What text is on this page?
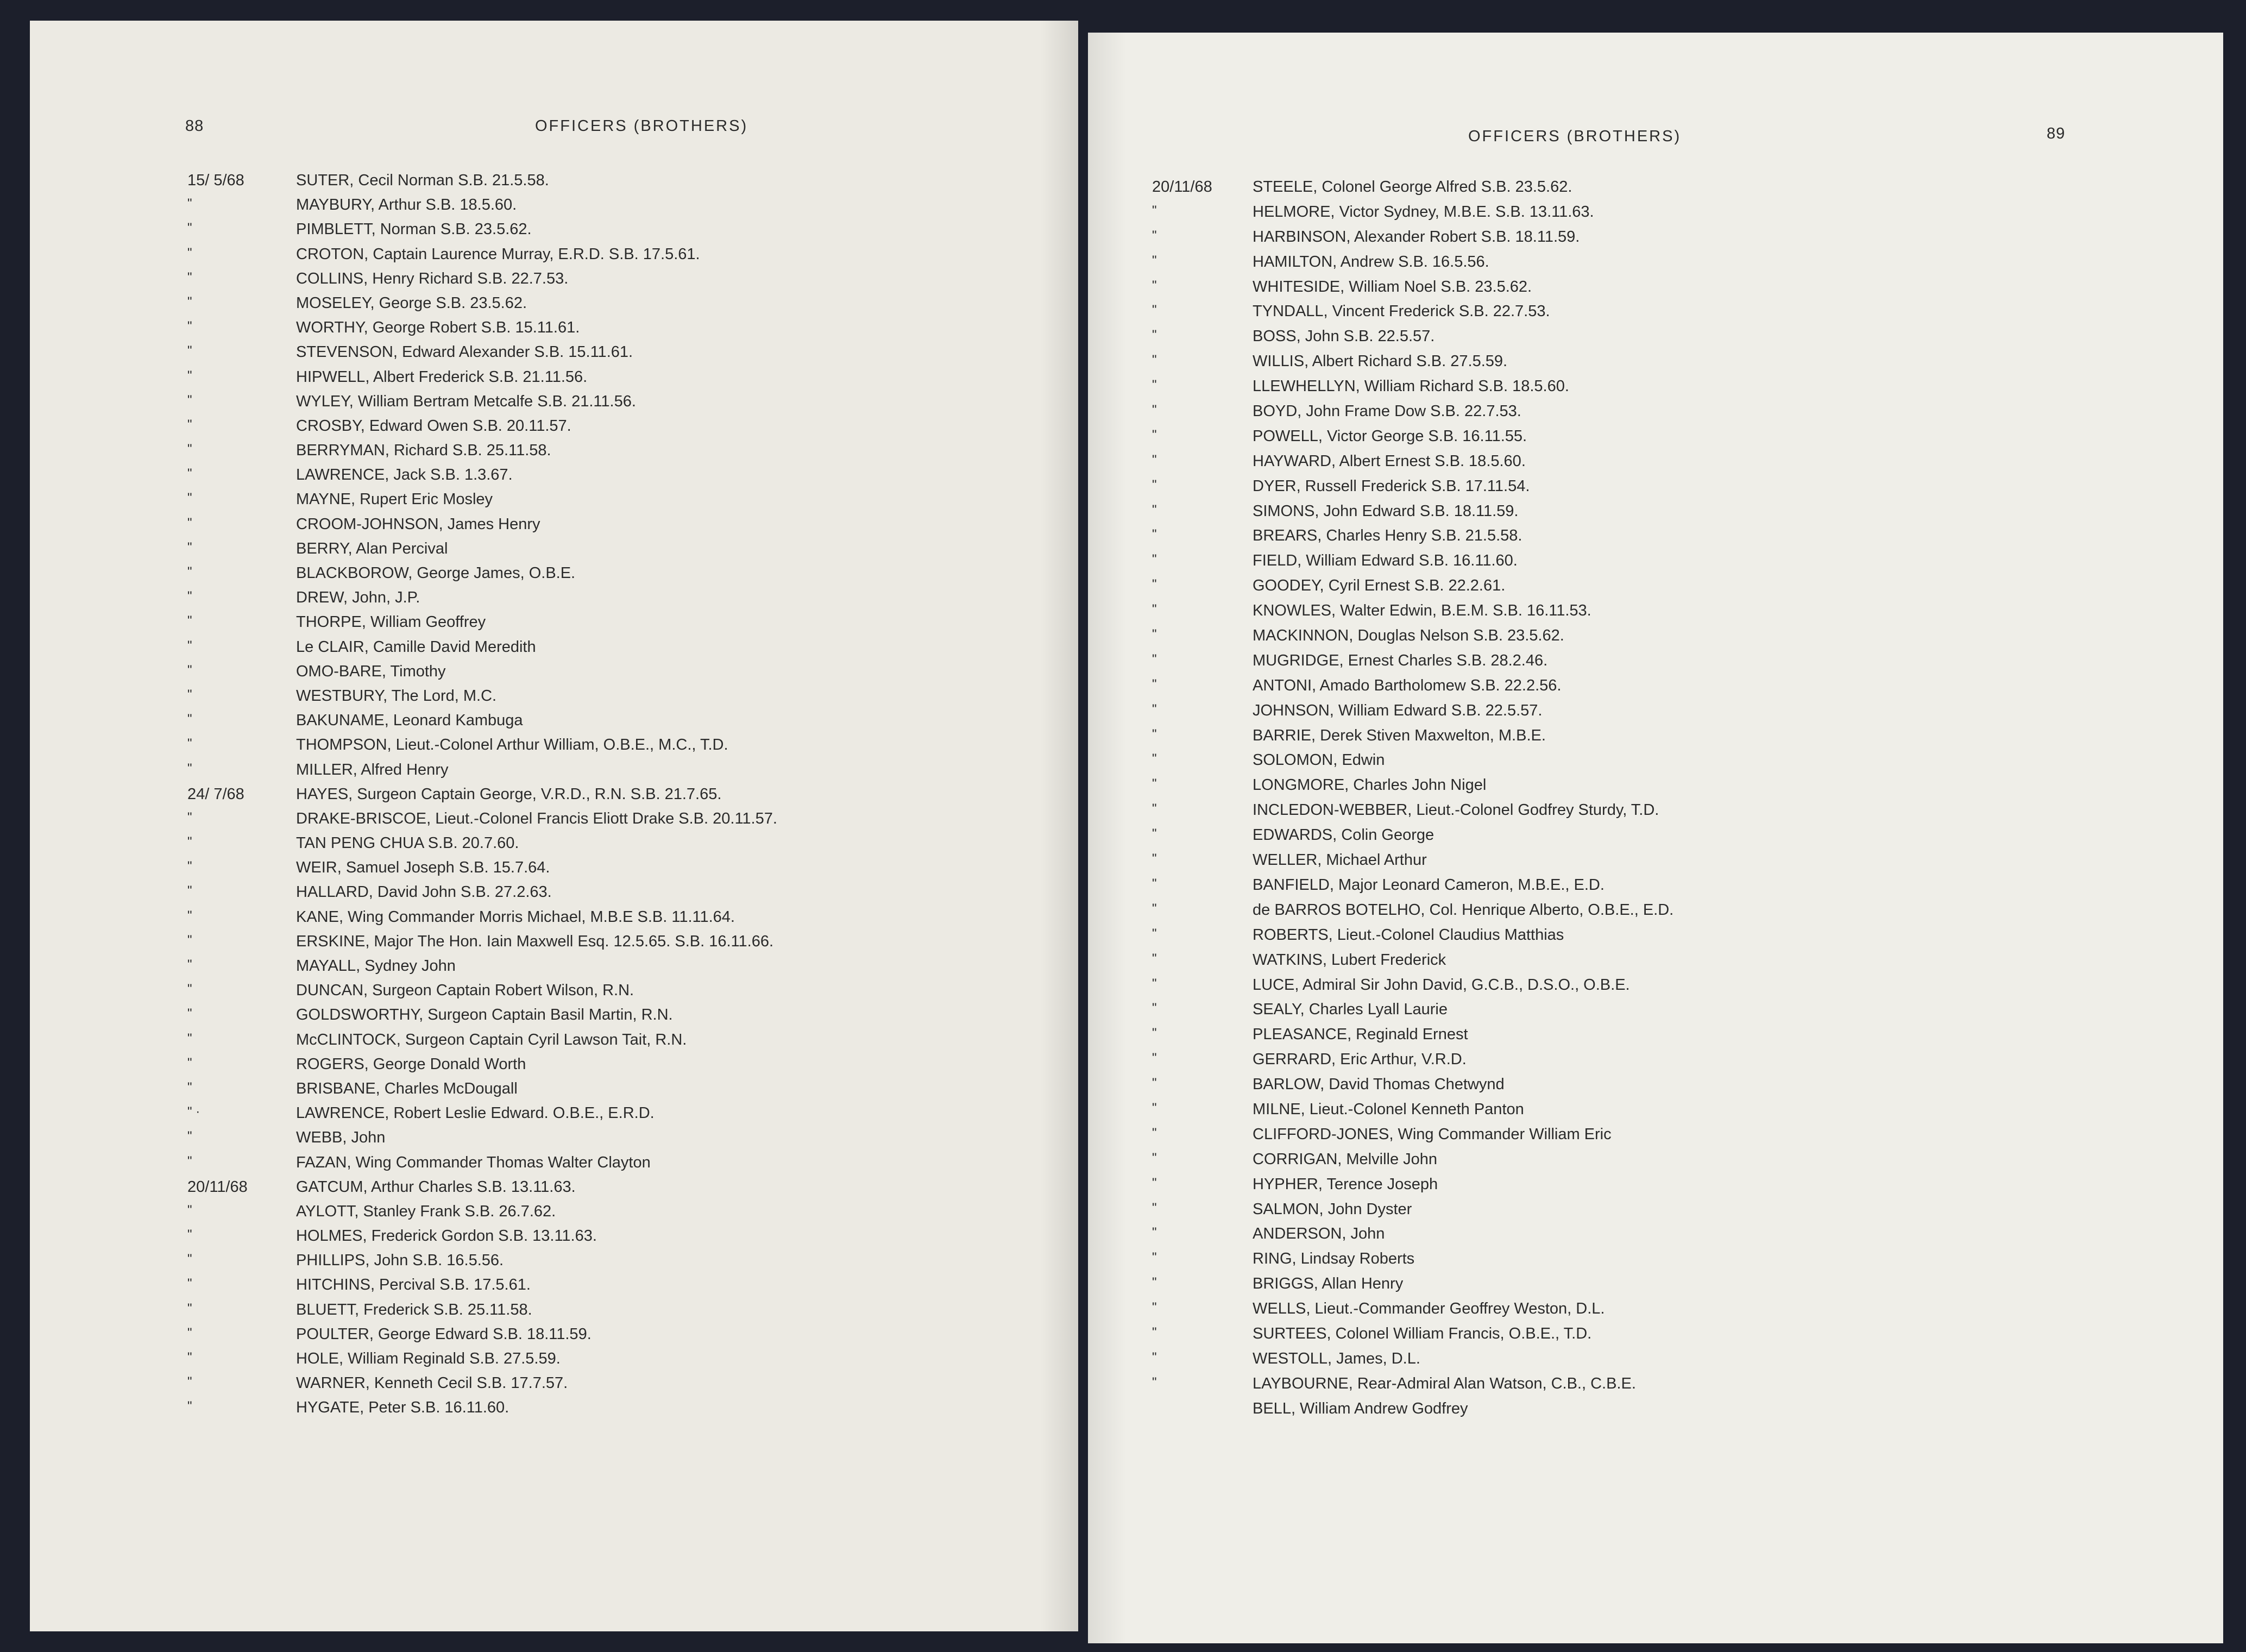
88	OFFICERS (BROTHERS)
15/ 5/68	SUTER, Cecil Norman S.B. 21.5.58.
"	MAYBURY, Arthur S.B. 18.5.60.
"	PIMBLETT, Norman S.B. 23.5.62.
"	CROTON, Captain Laurence Murray, E.R.D. S.B. 17.5.61.
"	COLLINS, Henry Richard S.B. 22.7.53.
"	MOSELEY, George S.B. 23.5.62.
"	WORTHY, George Robert S.B. 15.11.61.
"	STEVENSON, Edward Alexander S.B. 15.11.61.
"	HIPWELL, Albert Frederick S.B. 21.11.56.
"	WYLEY, William Bertram Metcalfe S.B. 21.11.56.
"	CROSBY, Edward Owen S.B. 20.11.57.
"	BERRYMAN, Richard S.B. 25.11.58.
"	LAWRENCE, Jack S.B. 1.3.67.
"	MAYNE, Rupert Eric Mosley
"	CROOM-JOHNSON, James Henry
"	BERRY, Alan Percival
"	BLACKBOROW, George James, O.B.E.
"	DREW, John, J.P.
"	THORPE, William Geoffrey
"	Le CLAIR, Camille David Meredith
"	OMO-BARE, Timothy
"	WESTBURY, The Lord, M.C.
"	BAKUNAME, Leonard Kambuga
"	THOMPSON, Lieut.-Colonel Arthur William, O.B.E., M.C., T.D.
"	MILLER, Alfred Henry
24/ 7/68	HAYES, Surgeon Captain George, V.R.D., R.N. S.B. 21.7.65.
"	DRAKE-BRISCOE, Lieut.-Colonel Francis Eliott Drake S.B. 20.11.57.
"	TAN PENG CHUA S.B. 20.7.60.
"	WEIR, Samuel Joseph S.B. 15.7.64.
"	HALLARD, David John S.B. 27.2.63.
"	KANE, Wing Commander Morris Michael, M.B.E S.B. 11.11.64.
"	ERSKINE, Major The Hon. Iain Maxwell Esq. 12.5.65. S.B. 16.11.66.
"	MAYALL, Sydney John
"	DUNCAN, Surgeon Captain Robert Wilson, R.N.
"	GOLDSWORTHY, Surgeon Captain Basil Martin, R.N.
"	McCLINTOCK, Surgeon Captain Cyril Lawson Tait, R.N.
"	ROGERS, George Donald Worth
"	BRISBANE, Charles McDougall
" ·	LAWRENCE, Robert Leslie Edward. O.B.E., E.R.D.
"	WEBB, John
"	FAZAN, Wing Commander Thomas Walter Clayton
20/11/68	GATCUM, Arthur Charles S.B. 13.11.63.
"	AYLOTT, Stanley Frank S.B. 26.7.62.
"	HOLMES, Frederick Gordon S.B. 13.11.63.
"	PHILLIPS, John S.B. 16.5.56.
"	HITCHINS, Percival S.B. 17.5.61.
"	BLUETT, Frederick S.B. 25.11.58.
"	POULTER, George Edward S.B. 18.11.59.
"	HOLE, William Reginald S.B. 27.5.59.
"	WARNER, Kenneth Cecil S.B. 17.7.57.
"	HYGATE, Peter S.B. 16.11.60.
OFFICERS (BROTHERS)	89
20/11/68	STEELE, Colonel George Alfred S.B. 23.5.62.
"	HELMORE, Victor Sydney, M.B.E. S.B. 13.11.63.
"	HARBINSON, Alexander Robert S.B. 18.11.59.
"	HAMILTON, Andrew S.B. 16.5.56.
"	WHITESIDE, William Noel S.B. 23.5.62.
"	TYNDALL, Vincent Frederick S.B. 22.7.53.
"	BOSS, John S.B. 22.5.57.
"	WILLIS, Albert Richard S.B. 27.5.59.
"	LLEWHELLYN, William Richard S.B. 18.5.60.
"	BOYD, John Frame Dow S.B. 22.7.53.
"	POWELL, Victor George S.B. 16.11.55.
"	HAYWARD, Albert Ernest S.B. 18.5.60.
"	DYER, Russell Frederick S.B. 17.11.54.
"	SIMONS, John Edward S.B. 18.11.59.
"	BREARS, Charles Henry S.B. 21.5.58.
"	FIELD, William Edward S.B. 16.11.60.
"	GOODEY, Cyril Ernest S.B. 22.2.61.
"	KNOWLES, Walter Edwin, B.E.M. S.B. 16.11.53.
"	MACKINNON, Douglas Nelson S.B. 23.5.62.
"	MUGRIDGE, Ernest Charles S.B. 28.2.46.
"	ANTONI, Amado Bartholomew S.B. 22.2.56.
"	JOHNSON, William Edward S.B. 22.5.57.
"	BARRIE, Derek Stiven Maxwelton, M.B.E.
"	SOLOMON, Edwin
"	LONGMORE, Charles John Nigel
"	INCLEDON-WEBBER, Lieut.-Colonel Godfrey Sturdy, T.D.
"	EDWARDS, Colin George
"	WELLER, Michael Arthur
"	BANFIELD, Major Leonard Cameron, M.B.E., E.D.
"	de BARROS BOTELHO, Col. Henrique Alberto, O.B.E., E.D.
"	ROBERTS, Lieut.-Colonel Claudius Matthias
"	WATKINS, Lubert Frederick
"	LUCE, Admiral Sir John David, G.C.B., D.S.O., O.B.E.
"	SEALY, Charles Lyall Laurie
"	PLEASANCE, Reginald Ernest
"	GERRARD, Eric Arthur, V.R.D.
"	BARLOW, David Thomas Chetwynd
"	MILNE, Lieut.-Colonel Kenneth Panton
"	CLIFFORD-JONES, Wing Commander William Eric
"	CORRIGAN, Melville John
"	HYPHER, Terence Joseph
"	SALMON, John Dyster
"	ANDERSON, John
"	RING, Lindsay Roberts
"	BRIGGS, Allan Henry
"	WELLS, Lieut.-Commander Geoffrey Weston, D.L.
"	SURTEES, Colonel William Francis, O.B.E., T.D.
"	WESTOLL, James, D.L.
"	LAYBOURNE, Rear-Admiral Alan Watson, C.B., C.B.E.
BELL, William Andrew Godfrey
